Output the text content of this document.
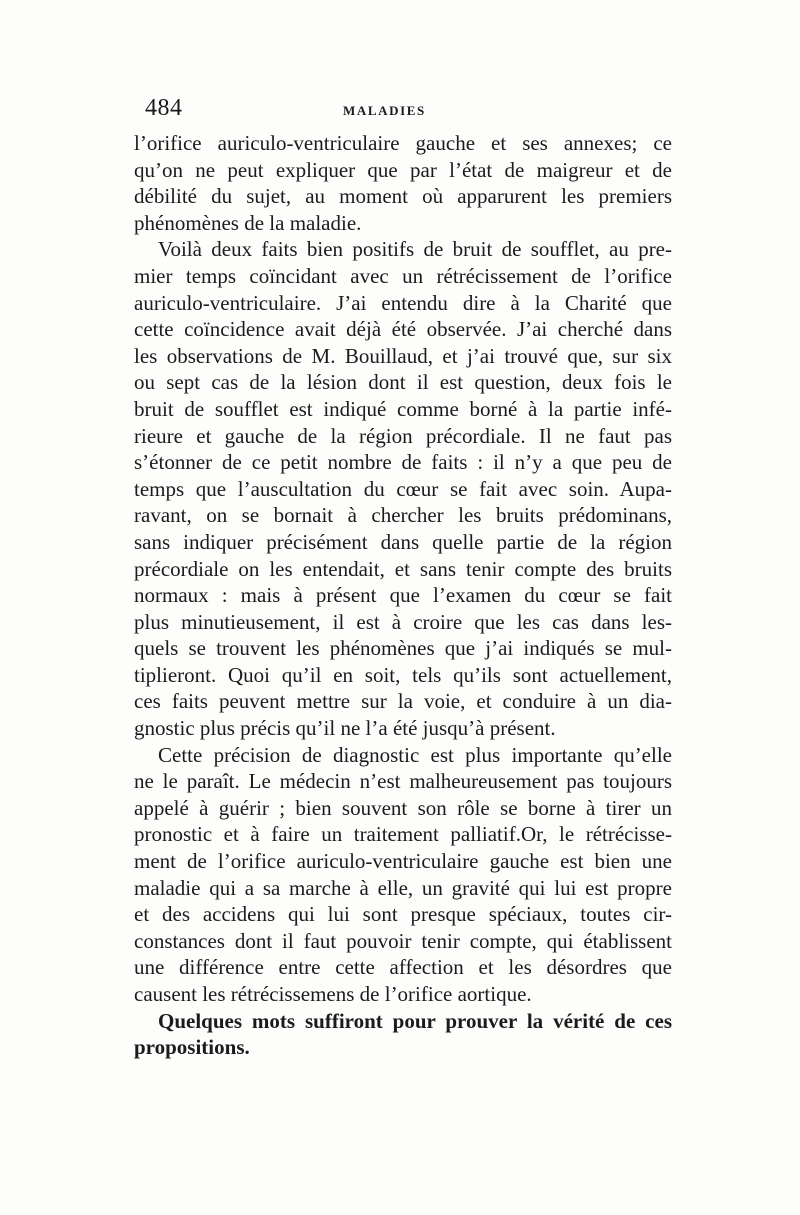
484	MALADIES
l’orifice auriculo-ventriculaire gauche et ses annexes; ce
qu’on ne peut expliquer que par l’état de maigreur et de
débilité du sujet, au moment où apparurent les premiers
phénomènes de la maladie.
Voilà deux faits bien positifs de bruit de soufflet, au pre-
mier temps coïncidant avec un rétrécissement de l’orifice
auriculo-ventriculaire. J’ai entendu dire à la Charité que
cette coïncidence avait déjà été observée. J’ai cherché dans
les observations de M. Bouillaud, et j’ai trouvé que, sur six
ou sept cas de la lésion dont il est question, deux fois le
bruit de soufflet est indiqué comme borné à la partie infé-
rieure et gauche de la région précordiale. Il ne faut pas
s’étonner de ce petit nombre de faits : il n’y a que peu de
temps que l’auscultation du cœur se fait avec soin. Aupa-
ravant, on se bornait à chercher les bruits prédominans,
sans indiquer précisément dans quelle partie de la région
précordiale on les entendait, et sans tenir compte des bruits
normaux : mais à présent que l’examen du cœur se fait
plus minutieusement, il est à croire que les cas dans les-
quels se trouvent les phénomènes que j’ai indiqués se mul-
tiplieront. Quoi qu’il en soit, tels qu’ils sont actuellement,
ces faits peuvent mettre sur la voie, et conduire à un dia-
gnostic plus précis qu’il ne l’a été jusqu’à présent.
Cette précision de diagnostic est plus importante qu’elle
ne le paraît. Le médecin n’est malheureusement pas toujours
appelé à guérir ; bien souvent son rôle se borne à tirer un
pronostic et à faire un traitement palliatif.Or, le rétrécisse-
ment de l’orifice auriculo-ventriculaire gauche est bien une
maladie qui a sa marche à elle, un gravité qui lui est propre
et des accidens qui lui sont presque spéciaux, toutes cir-
constances dont il faut pouvoir tenir compte, qui établissent
une différence entre cette affection et les désordres que
causent les rétrécissemens de l’orifice aortique.
Quelques mots suffiront pour prouver la vérité de ces
propositions.
